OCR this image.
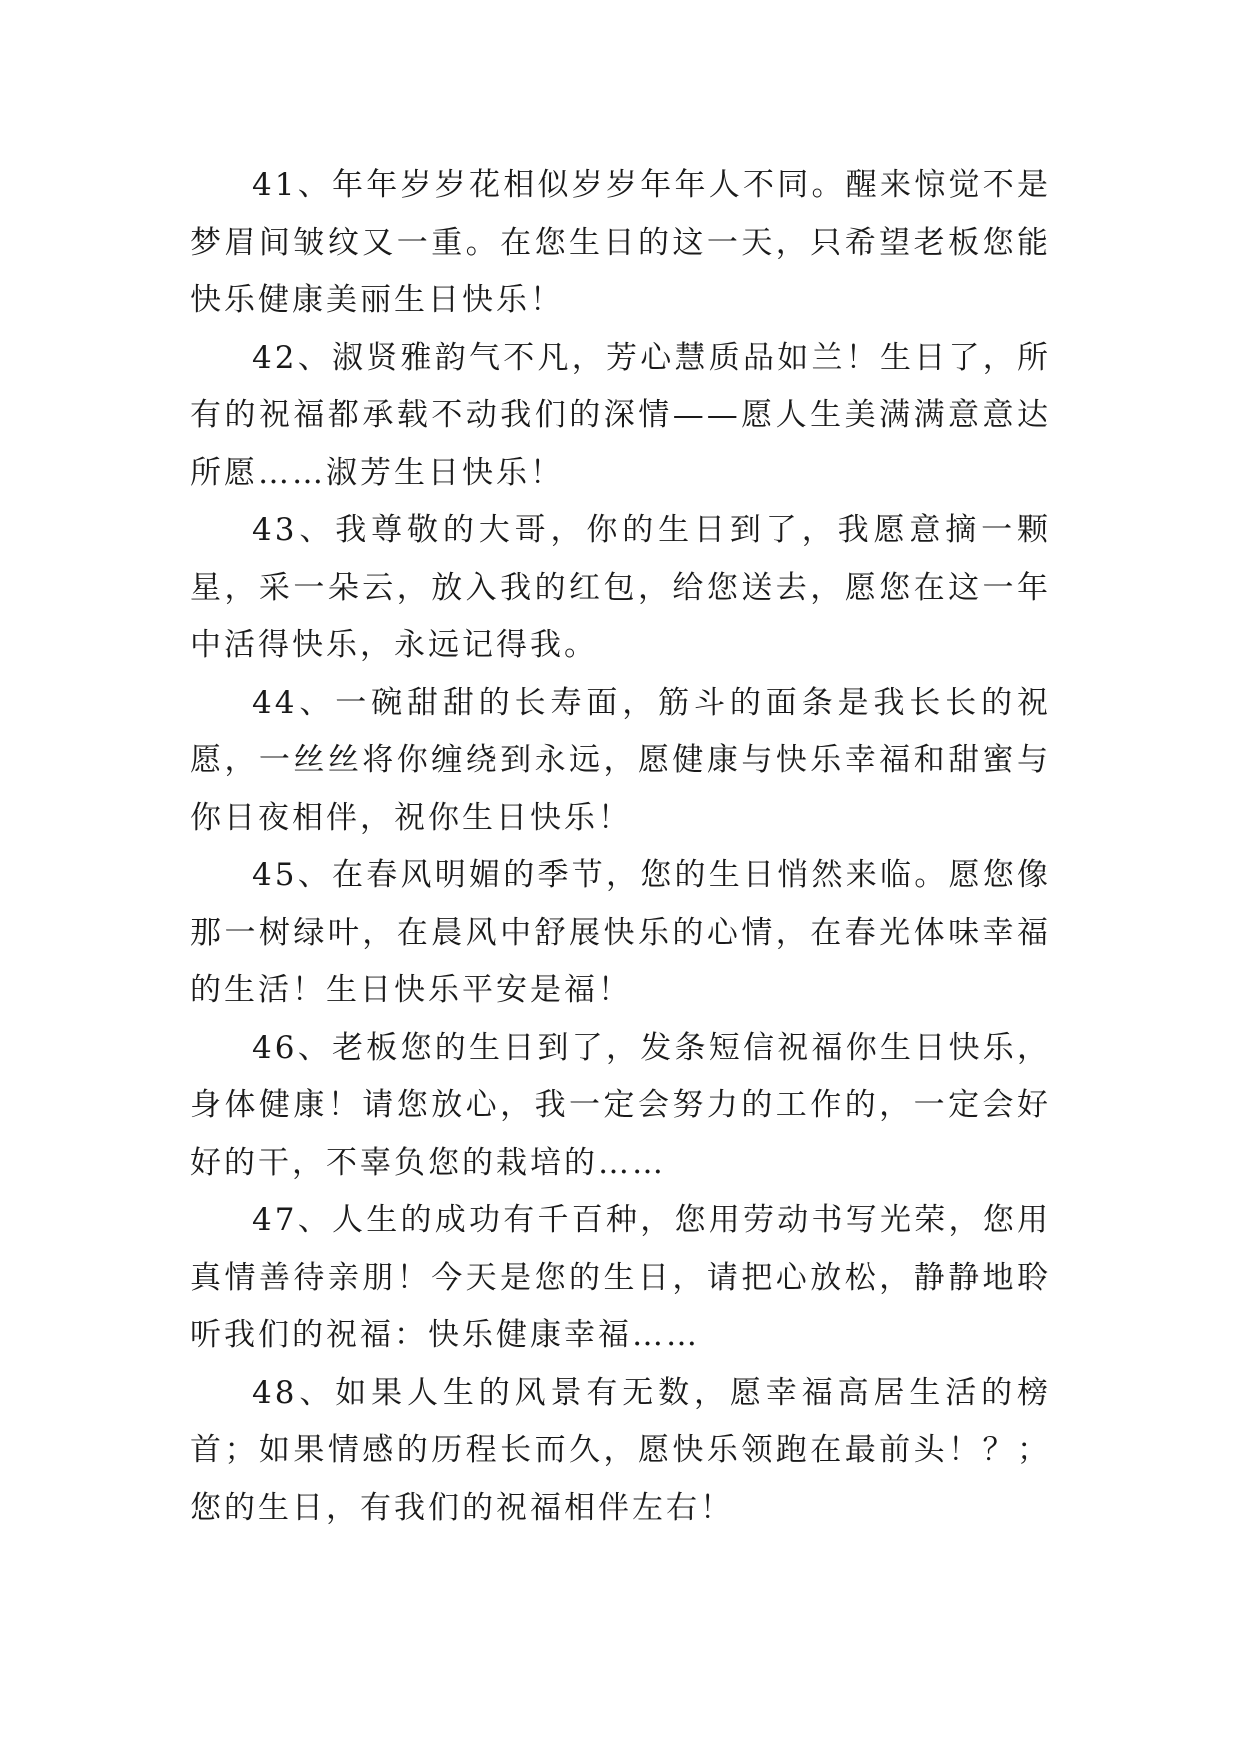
41、年年岁岁花相似岁岁年年人不同。醒来惊觉不是梦眉间皱纹又一重。在您生日的这一天，只希望老板您能快乐健康美丽生日快乐！

42、淑贤雅韵气不凡，芳心慧质品如兰！生日了，所有的祝福都承载不动我们的深情——愿人生美满满意意达所愿……淑芳生日快乐！

43、我尊敬的大哥，你的生日到了，我愿意摘一颗星，采一朵云，放入我的红包，给您送去，愿您在这一年中活得快乐，永远记得我。

44、一碗甜甜的长寿面，筋斗的面条是我长长的祝愿，一丝丝将你缠绕到永远，愿健康与快乐幸福和甜蜜与你日夜相伴，祝你生日快乐！

45、在春风明媚的季节，您的生日悄然来临。愿您像那一树绿叶，在晨风中舒展快乐的心情，在春光体味幸福的生活！生日快乐平安是福！

46、老板您的生日到了，发条短信祝福你生日快乐，身体健康！请您放心，我一定会努力的工作的，一定会好好的干，不辜负您的栽培的……

47、人生的成功有千百种，您用劳动书写光荣，您用真情善待亲朋！今天是您的生日，请把心放松，静静地聆听我们的祝福：快乐健康幸福……

48、如果人生的风景有无数，愿幸福高居生活的榜首；如果情感的历程长而久，愿快乐领跑在最前头！？；您的生日，有我们的祝福相伴左右！
